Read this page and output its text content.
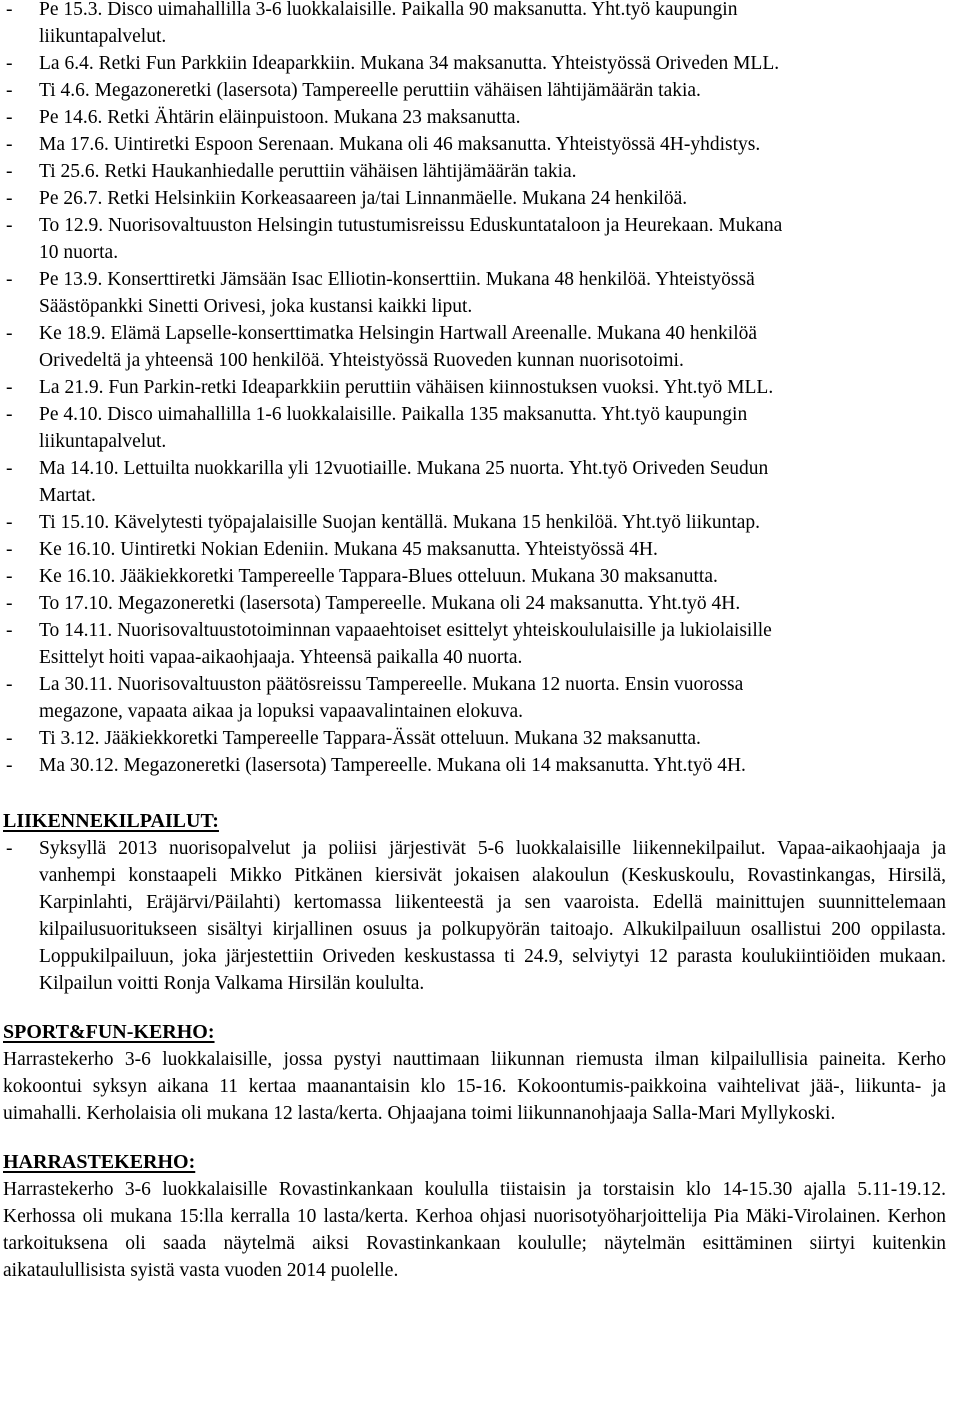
- Pe 15.3. Disco uimahallilla 3-6 luokkalaisille. Paikalla 90 maksanutta. Yht.työ kaupungin
liikuntapalvelut.
- La 6.4. Retki Fun Parkkiin Ideaparkkiin. Mukana 34 maksanutta. Yhteistyössä Oriveden MLL.
- Ti 4.6. Megazoneretki (lasersota) Tampereelle peruttiin vähäisen lähtijämäärän takia.
- Pe 14.6. Retki Ähtärin eläinpuistoon. Mukana 23 maksanutta.
- Ma 17.6. Uintiretki Espoon Serenaan. Mukana oli 46 maksanutta. Yhteistyössä 4H-yhdistys.
- Ti 25.6. Retki Haukanhiedalle peruttiin vähäisen lähtijämäärän takia.
- Pe 26.7. Retki Helsinkiin Korkeasaareen ja/tai Linnanmäelle. Mukana 24 henkilöä.
- To 12.9. Nuorisovaltuuston Helsingin tutustumisreissu Eduskuntataloon ja Heurekaan. Mukana
10 nuorta.
- Pe 13.9. Konserttiretki Jämsään Isac Elliotin-konserttiin. Mukana 48 henkilöä. Yhteistyössä
Säästöpankki Sinetti Orivesi, joka kustansi kaikki liput.
- Ke 18.9. Elämä Lapselle-konserttimatka Helsingin Hartwall Areenalle. Mukana 40 henkilöä
Orivedeltä ja yhteensä 100 henkilöä. Yhteistyössä Ruoveden kunnan nuorisotoimi.
- La 21.9. Fun Parkin-retki Ideaparkkiin peruttiin vähäisen kiinnostuksen vuoksi. Yht.työ MLL.
- Pe 4.10. Disco uimahallilla 1-6 luokkalaisille. Paikalla 135 maksanutta. Yht.työ kaupungin
liikuntapalvelut.
- Ma 14.10. Lettuilta nuokkarilla yli 12vuotiaille. Mukana 25 nuorta. Yht.työ Oriveden Seudun
Martat.
- Ti 15.10. Kävelytesti työpajalaisille Suojan kentällä. Mukana 15 henkilöä. Yht.työ liikuntap.
- Ke 16.10. Uintiretki Nokian Edeniin. Mukana 45 maksanutta. Yhteistyössä 4H.
- Ke 16.10. Jääkiekkoretki Tampereelle Tappara-Blues otteluun. Mukana 30 maksanutta.
- To 17.10. Megazoneretki (lasersota) Tampereelle. Mukana oli 24 maksanutta. Yht.työ 4H.
- To 14.11. Nuorisovaltuustotoiminnan vapaaehtoiset esittelyt yhteiskoululaisille ja lukiolaisille
Esittelyt hoiti vapaa-aikaohjaaja. Yhteensä paikalla 40 nuorta.
- La 30.11. Nuorisovaltuuston päätösreissu Tampereelle. Mukana 12 nuorta. Ensin vuorossa
megazone, vapaata aikaa ja lopuksi vapaavalintainen elokuva.
- Ti 3.12. Jääkiekkoretki Tampereelle Tappara-Ässät otteluun. Mukana 32 maksanutta.
- Ma 30.12. Megazoneretki (lasersota) Tampereelle. Mukana oli 14 maksanutta. Yht.työ 4H.
LIIKENNEKILPAILUT:
- Syksyllä 2013 nuorisopalvelut ja poliisi järjestivät 5-6 luokkalaisille liikennekilpailut. Vapaa-aikaohjaaja ja vanhempi konstaapeli Mikko Pitkänen kiersivät jokaisen alakoulun (Keskuskoulu, Rovastinkangas, Hirsilä, Karpinlahti, Eräjärvi/Päilahti) kertomassa liikenteestä ja sen vaaroista. Edellä mainittujen suunnittelemaan kilpailusuoritukseen sisältyi kirjallinen osuus ja polkupyörän taitoajo. Alkukilpailuun osallistui 200 oppilasta. Loppukilpailuun, joka järjestettiin Oriveden keskustassa ti 24.9, selviytyi 12 parasta koulukiintiöiden mukaan. Kilpailun voitti Ronja Valkama Hirsilän koululta.
SPORT&FUN-KERHO:

Harrastekerho 3-6 luokkalaisille, jossa pystyi nauttimaan liikunnan riemusta ilman kilpailullisia paineita. Kerho kokoontui syksyn aikana 11 kertaa maanantaisin klo 15-16. Kokoontumis-paikkoina vaihtelivat jää-, liikunta- ja uimahalli. Kerholaisia oli mukana 12 lasta/kerta. Ohjaajana toimi liikunnanohjaaja Salla-Mari Myllykoski.

HARRASTEKERHO:

Harrastekerho 3-6 luokkalaisille Rovastinkankaan koululla tiistaisin ja torstaisin klo 14-15.30 ajalla 5.11-19.12. Kerhossa oli mukana 15:lla kerralla 10 lasta/kerta. Kerhoa ohjasi nuorisotyöharjoittelija Pia Mäki-Virolainen. Kerhon tarkoituksena oli saada näytelmä aiksi Rovastinkankaan koululle; näytelmän esittäminen siirtyi kuitenkin aikataulullisista syistä vasta vuoden 2014 puolelle.
